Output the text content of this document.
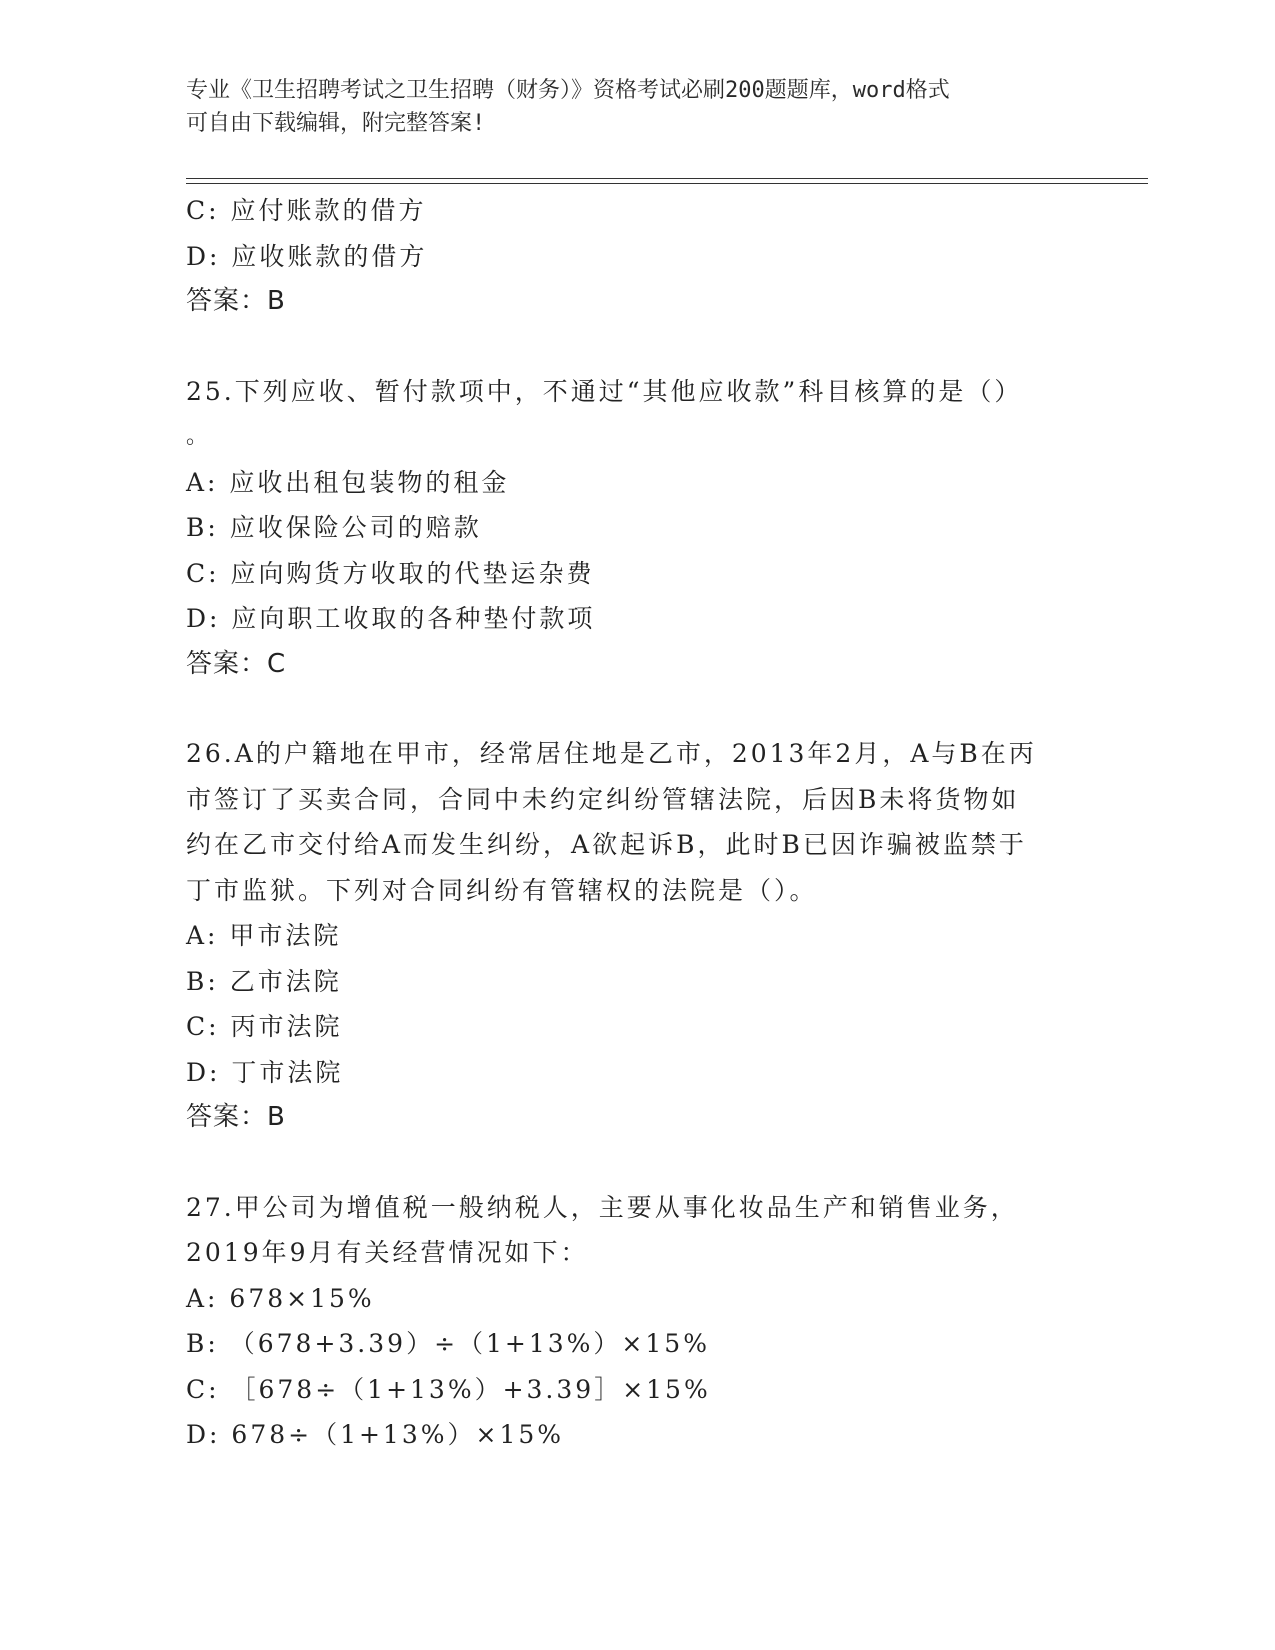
专业《卫生招聘考试之卫生招聘（财务）》资格考试必刷200题题库，word格式
可自由下载编辑，附完整答案!
C: 应付账款的借方
D: 应收账款的借方
答案：B
25.下列应收、暂付款项中，不通过“其他应收款”科目核算的是（）
。
A: 应收出租包装物的租金
B: 应收保险公司的赔款
C: 应向购货方收取的代垫运杂费
D: 应向职工收取的各种垫付款项
答案：C
26.A的户籍地在甲市，经常居住地是乙市，2013年2月，A与B在丙
市签订了买卖合同，合同中未约定纠纷管辖法院，后因B未将货物如
约在乙市交付给A而发生纠纷，A欲起诉B，此时B已因诈骗被监禁于
丁市监狱。下列对合同纠纷有管辖权的法院是（）。
A: 甲市法院
B: 乙市法院
C: 丙市法院
D: 丁市法院
答案：B
27.甲公司为增值税一般纳税人，主要从事化妆品生产和销售业务，
2019年9月有关经营情况如下：
A: 678×15%
B: （678+3.39）÷（1+13%）×15%
C: ［678÷（1+13%）+3.39］×15%
D: 678÷（1+13%）×15%
